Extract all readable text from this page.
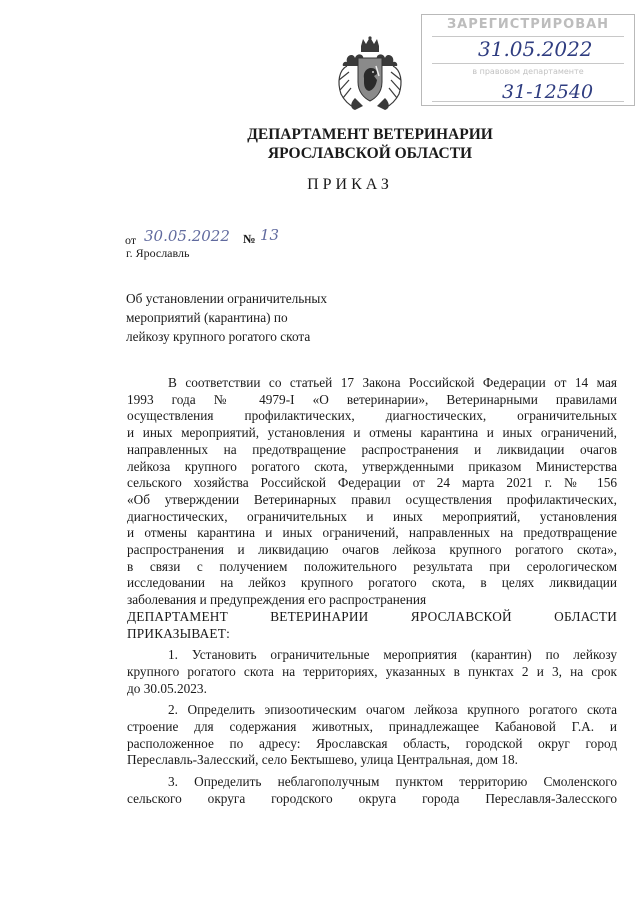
ЗАРЕГИСТРИРОВАН
31.05.2022
в правовом департаменте
31-12540
ДЕПАРТАМЕНТ ВЕТЕРИНАРИИ
ЯРОСЛАВСКОЙ ОБЛАСТИ
ПРИКАЗ
от 30.05.2022 № 13
г. Ярославль
Об установлении ограничительных
мероприятий (карантина) по
лейкозу крупного рогатого скота
В соответствии со статьей 17 Закона Российской Федерации от 14 мая
1993 года № 4979-I «О ветеринарии», Ветеринарными правилами
осуществления профилактических, диагностических, ограничительных
и иных мероприятий, установления и отмены карантина и иных ограничений,
направленных на предотвращение распространения и ликвидации очагов
лейкоза крупного рогатого скота, утвержденными приказом Министерства
сельского хозяйства Российской Федерации от 24 марта 2021 г. № 156
«Об утверждении Ветеринарных правил осуществления профилактических,
диагностических, ограничительных и иных мероприятий, установления
и отмены карантина и иных ограничений, направленных на предотвращение
распространения и ликвидацию очагов лейкоза крупного рогатого скота»,
в связи с получением положительного результата при серологическом
исследовании на лейкоз крупного рогатого скота, в целях ликвидации
заболевания и предупреждения его распространения
ДЕПАРТАМЕНТ ВЕТЕРИНАРИИ ЯРОСЛАВСКОЙ ОБЛАСТИ
ПРИКАЗЫВАЕТ:
1. Установить ограничительные мероприятия (карантин) по лейкозу
крупного рогатого скота на территориях, указанных в пунктах 2 и 3, на срок
до 30.05.2023.
2. Определить эпизоотическим очагом лейкоза крупного рогатого скота
строение для содержания животных, принадлежащее Кабановой Г.А. и
расположенное по адресу: Ярославская область, городской округ город
Переславль-Залесский, село Бектышево, улица Центральная, дом 18.
3. Определить неблагополучным пунктом территорию Смоленского
сельского округа городского округа города Переславля-Залесского
